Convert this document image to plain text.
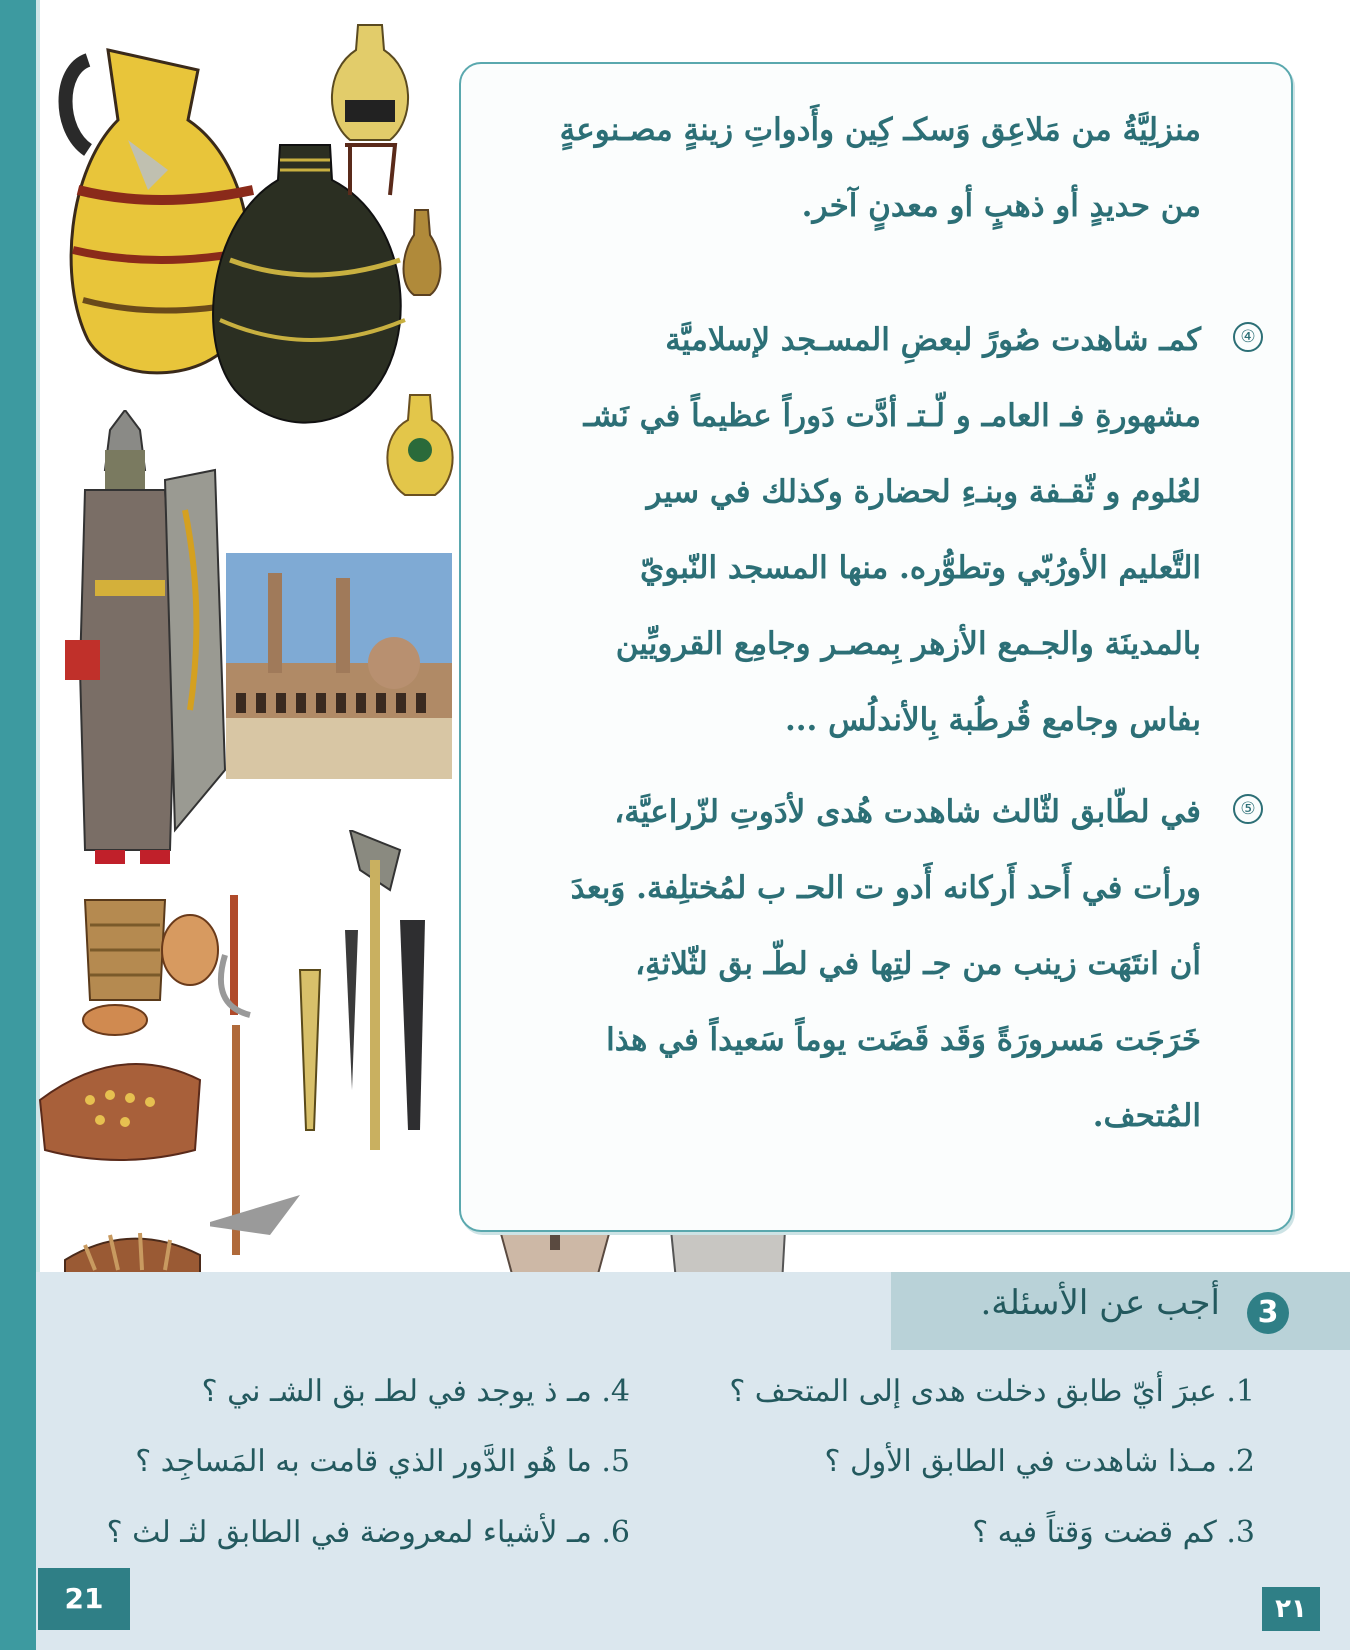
منزلِيَّةُ من مَلاعِق وَسكـ كِين وأَدواتِ زينةٍ مصـنوعةٍ
من حديدٍ أو ذهبٍ أو معدنٍ آخر.
④
كمـ شاهدت صُورً لبعضِ المسـجد لإسلاميَّة
مشهورةِ فـ العامـ و لّـتـ أدَّت دَوراً عظيماً في نَشـ
لعُلوم و ثّقـفة وبنـءِ لحضارة وكذلك في سير
التَّعليم الأورُبّي وتطوُّره. منها المسجد النّبويّ
بالمدينَة والجـمع الأزهر بِمصـر وجامِع القرويِّين
بفاس وجامع قُرطُبة بِالأندلُس ...
⑤
في لطّابق لثّالث شاهدت هُدى لأدَوتِ لزّراعيَّة،
ورأت في أَحد أَركانه أَدو ت الحـ ب لمُختلِفة. وَبعدَ
أن انتَهَت زينب من جـ لتِها في لطّـ بق لثّلاثةِ،
خَرَجَت مَسرورَةً وَقَد قَضَت يوماً سَعيداً في هذا
المُتحف.
3
أجب عن الأسئلة.
1. عبرَ أيّ طابق دخلت هدى إلى المتحف ؟
2. مـذا شاهدت في الطابق الأول ؟
3. كم قضت وَقتاً فيه ؟
4. مـ ذ يوجد في لطـ بق الشـ ني ؟
5. ما هُو الدَّور الذي قامت به المَساجِد ؟
6. مـ لأشياء لمعروضة في الطابق لثـ لث ؟
21	٢١
